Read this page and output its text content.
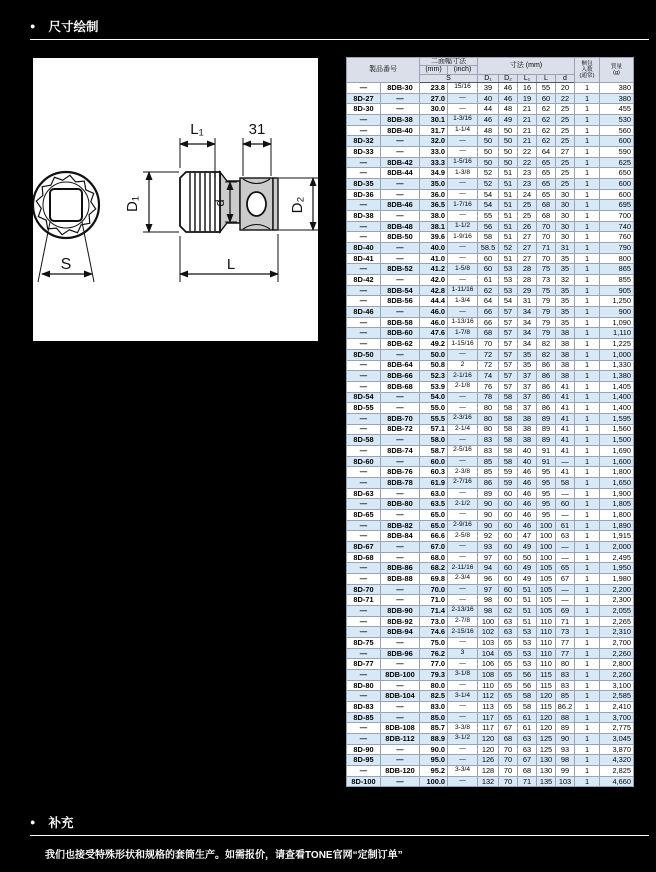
● 尺寸绘制
S
L₁	31
D₁	d	D₂
L
製品番号		二面幅寸法		寸法 (mm)					梱包
入数
(通常)	質量
(g)
		(mm)	(inch)							
		S		D₁	D₂	L₁	L	d		
—	8DB-30	23.8	15/16	39	46	16	55	20	1	380
8D-27	—	27.0	—	40	46	19	60	22	1	380
8D-30	—	30.0	—	44	48	21	62	25	1	455
—	8DB-38	30.1	1-3/16	46	49	21	62	25	1	530
—	8DB-40	31.7	1-1/4	48	50	21	62	25	1	560
8D-32	—	32.0	—	50	50	21	62	25	1	600
8D-33	—	33.0	—	50	50	22	64	27	1	590
—	8DB-42	33.3	1-5/16	50	50	22	65	25	1	625
—	8DB-44	34.9	1-3/8	52	51	23	65	25	1	650
8D-35	—	35.0	—	52	51	23	65	25	1	600
8D-36	—	36.0	—	54	51	24	65	30	1	600
—	8DB-46	36.5	1-7/16	54	51	25	68	30	1	695
8D-38	—	38.0	—	55	51	25	68	30	1	700
—	8DB-48	38.1	1-1/2	56	51	26	70	30	1	740
—	8DB-50	39.6	1-9/16	58	51	27	70	30	1	760
8D-40	—	40.0	—	58.5	52	27	71	31	1	790
8D-41	—	41.0	—	60	51	27	70	35	1	800
—	8DB-52	41.2	1-5/8	60	53	28	75	35	1	865
8D-42	—	42.0	—	61	53	28	73	32	1	855
—	8DB-54	42.8	1-11/16	62	53	29	75	35	1	905
—	8DB-56	44.4	1-3/4	64	54	31	79	35	1	1,250
8D-46	—	46.0	—	66	57	34	79	35	1	900
—	8DB-58	46.0	1-13/16	66	57	34	79	35	1	1,090
—	8DB-60	47.6	1-7/8	68	57	34	79	38	1	1,110
—	8DB-62	49.2	1-15/16	70	57	34	82	38	1	1,225
8D-50	—	50.0	—	72	57	35	82	38	1	1,000
—	8DB-64	50.8	2	72	57	35	86	38	1	1,330
—	8DB-66	52.3	2-1/16	74	57	37	86	38	1	1,380
—	8DB-68	53.9	2-1/8	76	57	37	86	41	1	1,405
8D-54	—	54.0	—	78	58	37	86	41	1	1,400
8D-55	—	55.0	—	80	58	37	86	41	1	1,400
—	8DB-70	55.5	2-3/16	80	58	38	89	41	1	1,595
—	8DB-72	57.1	2-1/4	80	58	38	89	41	1	1,560
8D-58	—	58.0	—	83	58	38	89	41	1	1,500
—	8DB-74	58.7	2-5/16	83	58	40	91	41	1	1,690
8D-60	—	60.0	—	85	58	40	91	—	1	1,600
—	8DB-76	60.3	2-3/8	85	59	46	95	41	1	1,800
—	8DB-78	61.9	2-7/16	86	59	46	95	58	1	1,650
8D-63	—	63.0	—	89	60	46	95	—	1	1,900
—	8DB-80	63.5	2-1/2	90	60	46	95	60	1	1,805
8D-65	—	65.0	—	90	60	46	95	—	1	1,800
—	8DB-82	65.0	2-9/16	90	60	46	100	61	1	1,890
—	8DB-84	66.6	2-5/8	92	60	47	100	63	1	1,915
8D-67	—	67.0	—	93	60	49	100	—	1	2,000
8D-68	—	68.0	—	97	60	50	100	—	1	2,495
—	8DB-86	68.2	2-11/16	94	60	49	105	65	1	1,950
—	8DB-88	69.8	2-3/4	96	60	49	105	67	1	1,980
8D-70	—	70.0	—	97	60	51	105	—	1	2,200
8D-71	—	71.0	—	98	60	51	105	—	1	2,300
—	8DB-90	71.4	2-13/16	98	62	51	105	69	1	2,055
—	8DB-92	73.0	2-7/8	100	63	51	110	71	1	2,265
—	8DB-94	74.6	2-15/16	102	63	53	110	73	1	2,310
8D-75	—	75.0	—	103	65	53	110	77	1	2,700
—	8DB-96	76.2	3	104	65	53	110	77	1	2,260
8D-77	—	77.0	—	106	65	53	110	80	1	2,800
—	8DB-100	79.3	3-1/8	108	65	56	115	83	1	2,260
8D-80	—	80.0	—	110	65	56	115	83	1	3,100
—	8DB-104	82.5	3-1/4	112	65	58	120	85	1	2,585
8D-83	—	83.0	—	113	65	58	115	86.2	1	2,410
8D-85	—	85.0	—	117	65	61	120	88	1	3,700
—	8DB-108	85.7	3-3/8	117	67	61	120	89	1	2,775
—	8DB-112	88.9	3-1/2	120	68	63	125	90	1	3,045
8D-90	—	90.0	—	120	70	63	125	93	1	3,870
8D-95	—	95.0	—	126	70	67	130	98	1	4,320
—	8DB-120	95.2	3-3/4	128	70	68	130	99	1	2,825
8D-100	—	100.0	—	132	70	71	135	103	1	4,660
● 补充

我们也接受特殊形状和规格的套筒生产。如需报价，请查看TONE官网“定制订单”
